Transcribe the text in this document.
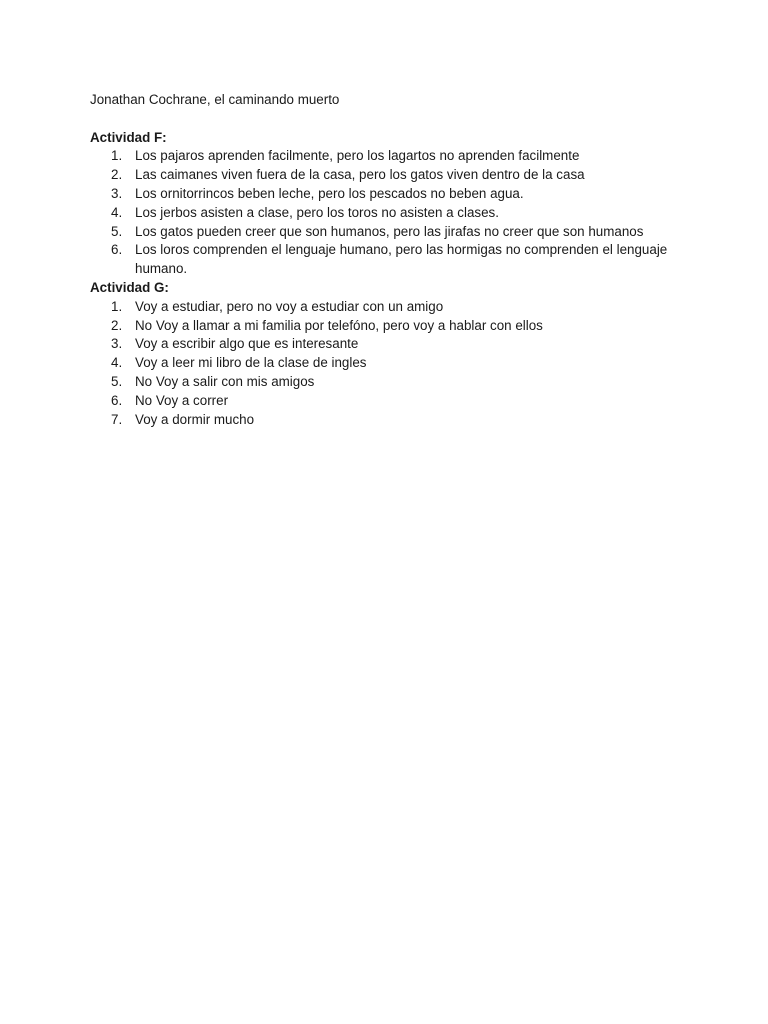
Jonathan Cochrane, el caminando muerto

Actividad F:

1. Los pajaros aprenden facilmente, pero los lagartos no aprenden facilmente
2. Las caimanes viven fuera de la casa, pero los gatos viven dentro de la casa
3. Los ornitorrincos beben leche, pero los pescados no beben agua.
4. Los jerbos asisten a clase, pero los toros no asisten a clases.
5. Los gatos pueden creer que son humanos, pero las jirafas no creer que son humanos
6. Los loros comprenden el lenguaje humano, pero las hormigas no comprenden el lenguaje humano.

Actividad G:

1. Voy a estudiar, pero no voy a estudiar con un amigo
2. No Voy a llamar a mi familia por telefóno, pero voy a hablar con ellos
3. Voy a escribir algo que es interesante
4. Voy a leer mi libro de la clase de ingles
5. No Voy a salir con mis amigos
6. No Voy a correr
7. Voy a dormir mucho
